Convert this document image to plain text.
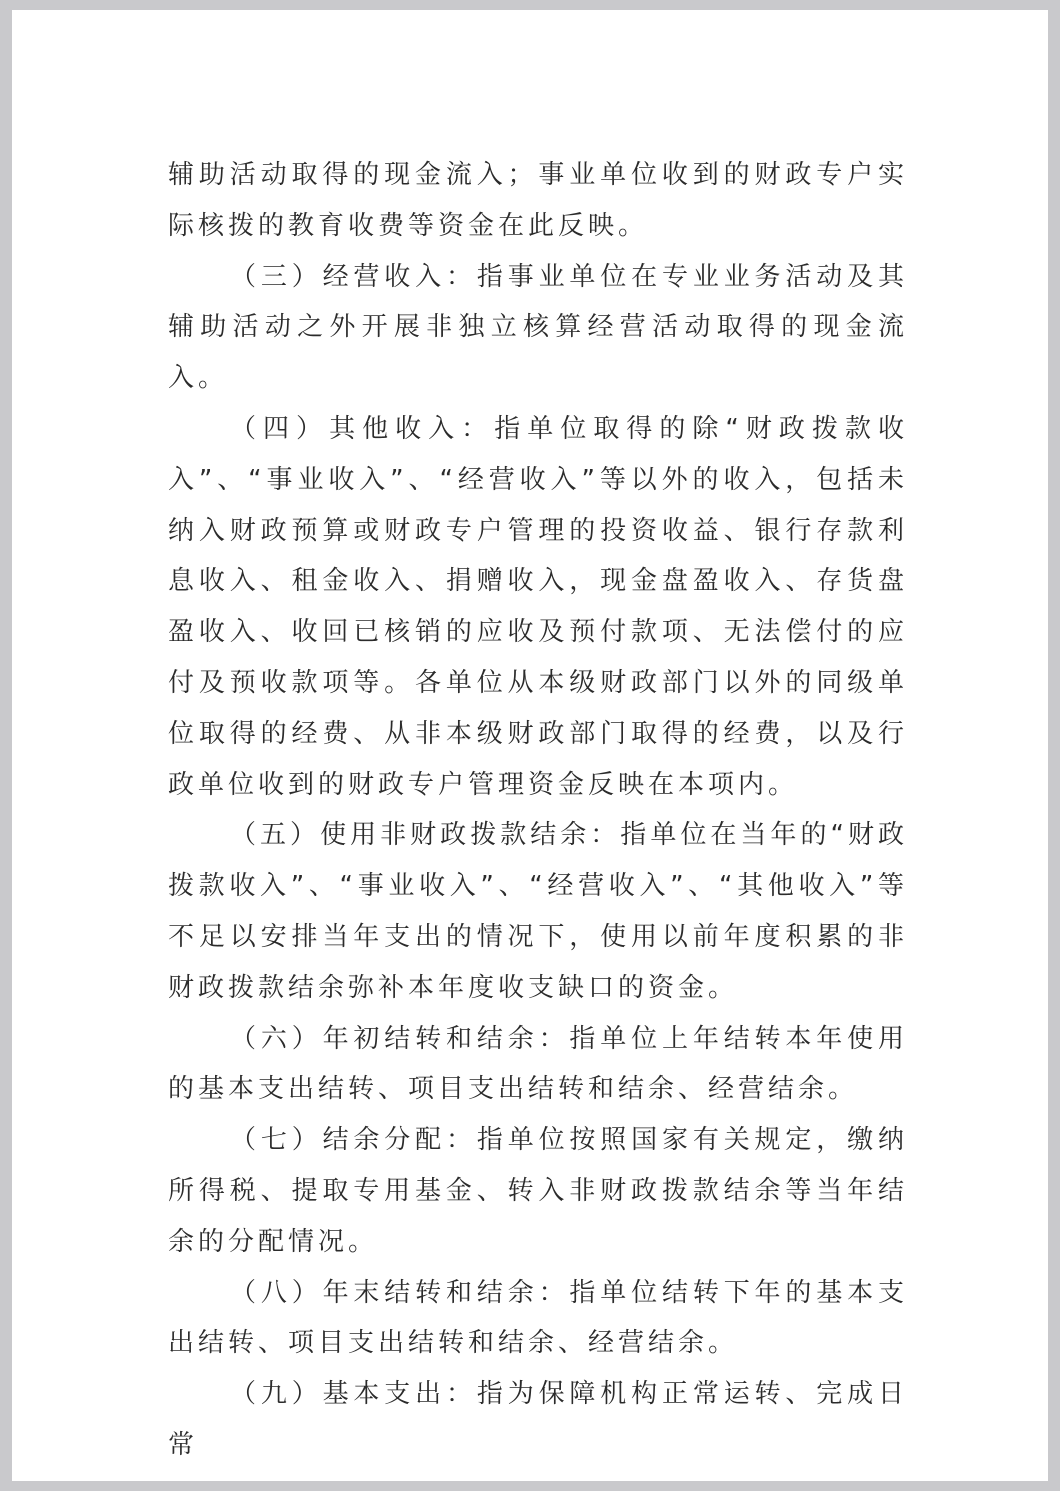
辅助活动取得的现金流入；事业单位收到的财政专户实际核拨的教育收费等资金在此反映。

（三）经营收入：指事业单位在专业业务活动及其辅助活动之外开展非独立核算经营活动取得的现金流入。

（四）其他收入：指单位取得的除“财政拨款收入”、“事业收入”、“经营收入”等以外的收入，包括未纳入财政预算或财政专户管理的投资收益、银行存款利息收入、租金收入、捐赠收入，现金盘盈收入、存货盘盈收入、收回已核销的应收及预付款项、无法偿付的应付及预收款项等。各单位从本级财政部门以外的同级单位取得的经费、从非本级财政部门取得的经费，以及行政单位收到的财政专户管理资金反映在本项内。

（五）使用非财政拨款结余：指单位在当年的“财政拨款收入”、“事业收入”、“经营收入”、“其他收入”等不足以安排当年支出的情况下，使用以前年度积累的非财政拨款结余弥补本年度收支缺口的资金。

（六）年初结转和结余：指单位上年结转本年使用的基本支出结转、项目支出结转和结余、经营结余。

（七）结余分配：指单位按照国家有关规定，缴纳所得税、提取专用基金、转入非财政拨款结余等当年结余的分配情况。

（八）年末结转和结余：指单位结转下年的基本支出结转、项目支出结转和结余、经营结余。

（九）基本支出：指为保障机构正常运转、完成日常
